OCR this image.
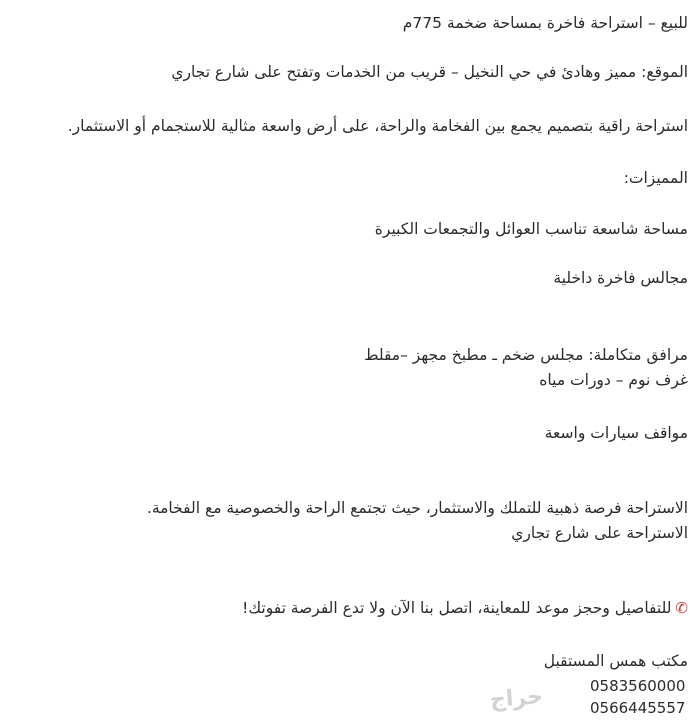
للبيع – استراحة فاخرة بمساحة ضخمة 775م
الموقع: مميز وهادئ في حي النخيل – قريب من الخدمات وتفتح على شارع تجاري
استراحة راقية بتصميم يجمع بين الفخامة والراحة، على أرض واسعة مثالية للاستجمام أو الاستثمار.
المميزات:
مساحة شاسعة تناسب العوائل والتجمعات الكبيرة
مجالس فاخرة داخلية
مرافق متكاملة: مجلس ضخم ـ مطبخ مجهز –مقلط
غرف نوم – دورات مياه
مواقف سيارات واسعة
الاستراحة فرصة ذهبية للتملك والاستثمار، حيث تجتمع الراحة والخصوصية مع الفخامة.
الاستراحة على شارع تجاري
✆للتفاصيل وحجز موعد للمعاينة، اتصل بنا الآن ولا تدع الفرصة تفوتك!
مكتب همس المستقبل
0583560000
0566445557
حراج
